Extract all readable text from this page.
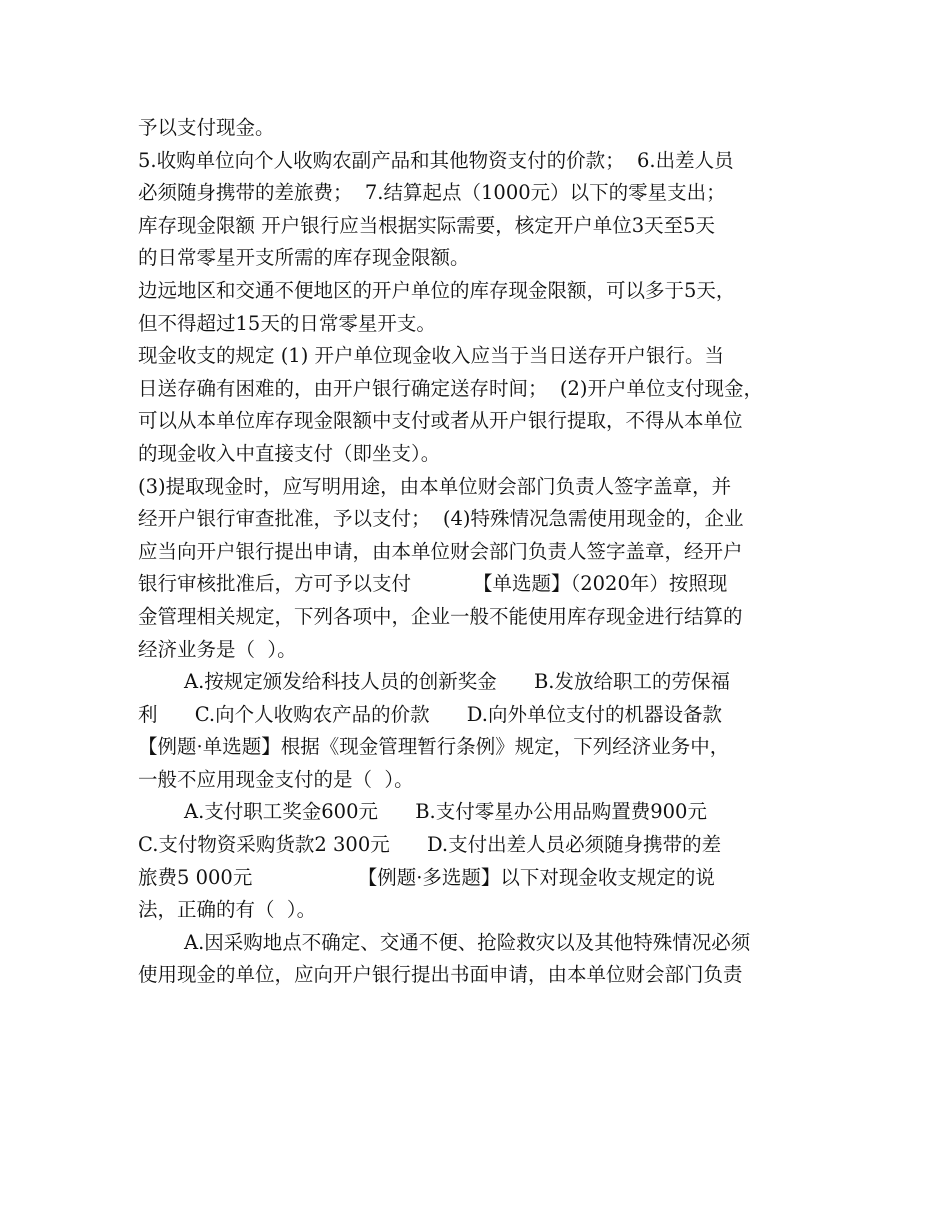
予以支付现金。
5.收购单位向个人收购农副产品和其他物资支付的价款；  6.出差人员
必须随身携带的差旅费；  7.结算起点（1000元）以下的零星支出；
库存现金限额 开户银行应当根据实际需要，核定开户单位3天至5天
的日常零星开支所需的库存现金限额。
边远地区和交通不便地区的开户单位的库存现金限额，可以多于5天，
但不得超过15天的日常零星开支。
现金收支的规定 (1) 开户单位现金收入应当于当日送存开户银行。当
日送存确有困难的，由开户银行确定送存时间；  (2)开户单位支付现金，
可以从本单位库存现金限额中支付或者从开户银行提取，不得从本单位
的现金收入中直接支付（即坐支）。
(3)提取现金时，应写明用途，由本单位财会部门负责人签字盖章，并
经开户银行审查批准，予以支付；  (4)特殊情况急需使用现金的，企业
应当向开户银行提出申请，由本单位财会部门负责人签字盖章，经开户
银行审核批准后，方可予以支付          【单选题】（2020年）按照现
金管理相关规定，下列各项中，企业一般不能使用库存现金进行结算的
经济业务是（  ）。
A.按规定颁发给科技人员的创新奖金      B.发放给职工的劳保福
利      C.向个人收购农产品的价款      D.向外单位支付的机器设备款
【例题·单选题】根据《现金管理暂行条例》规定，下列经济业务中，
一般不应用现金支付的是（  ）。
A.支付职工奖金600元      B.支付零星办公用品购置费900元
C.支付物资采购货款2 300元      D.支付出差人员必须随身携带的差
旅费5 000元                 【例题·多选题】以下对现金收支规定的说
法，正确的有（  ）。
A.因采购地点不确定、交通不便、抢险救灾以及其他特殊情况必须
使用现金的单位，应向开户银行提出书面申请，由本单位财会部门负责
